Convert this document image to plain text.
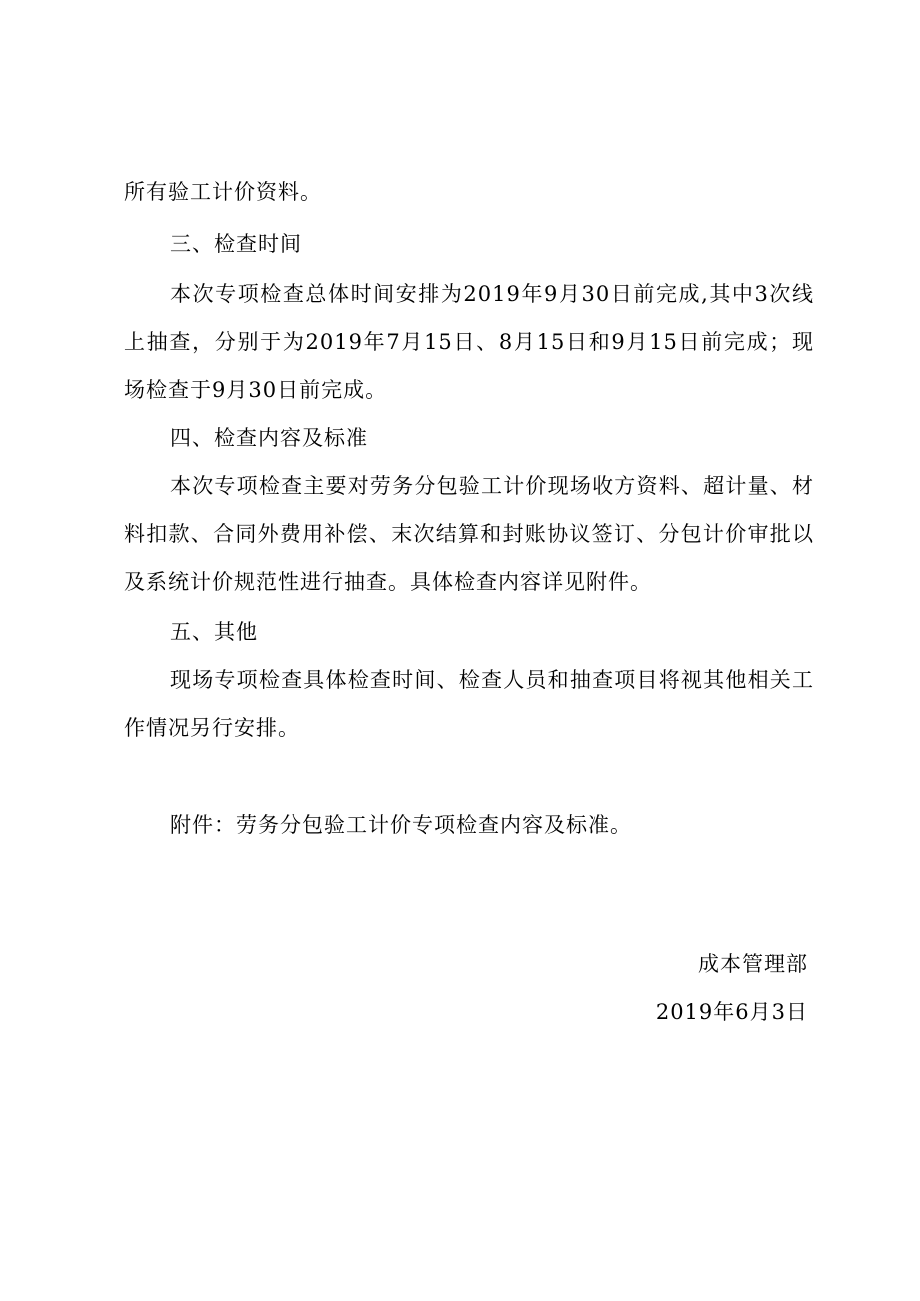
所有验工计价资料。

三、检查时间

本次专项检查总体时间安排为2019年9月30日前完成,其中3次线上抽查，分别于为2019年7月15日、8月15日和9月15日前完成；现场检查于9月30日前完成。

四、检查内容及标准

本次专项检查主要对劳务分包验工计价现场收方资料、超计量、材料扣款、合同外费用补偿、末次结算和封账协议签订、分包计价审批以及系统计价规范性进行抽查。具体检查内容详见附件。

五、其他

现场专项检查具体检查时间、检查人员和抽查项目将视其他相关工作情况另行安排。

附件：劳务分包验工计价专项检查内容及标准。

成本管理部

2019年6月3日
